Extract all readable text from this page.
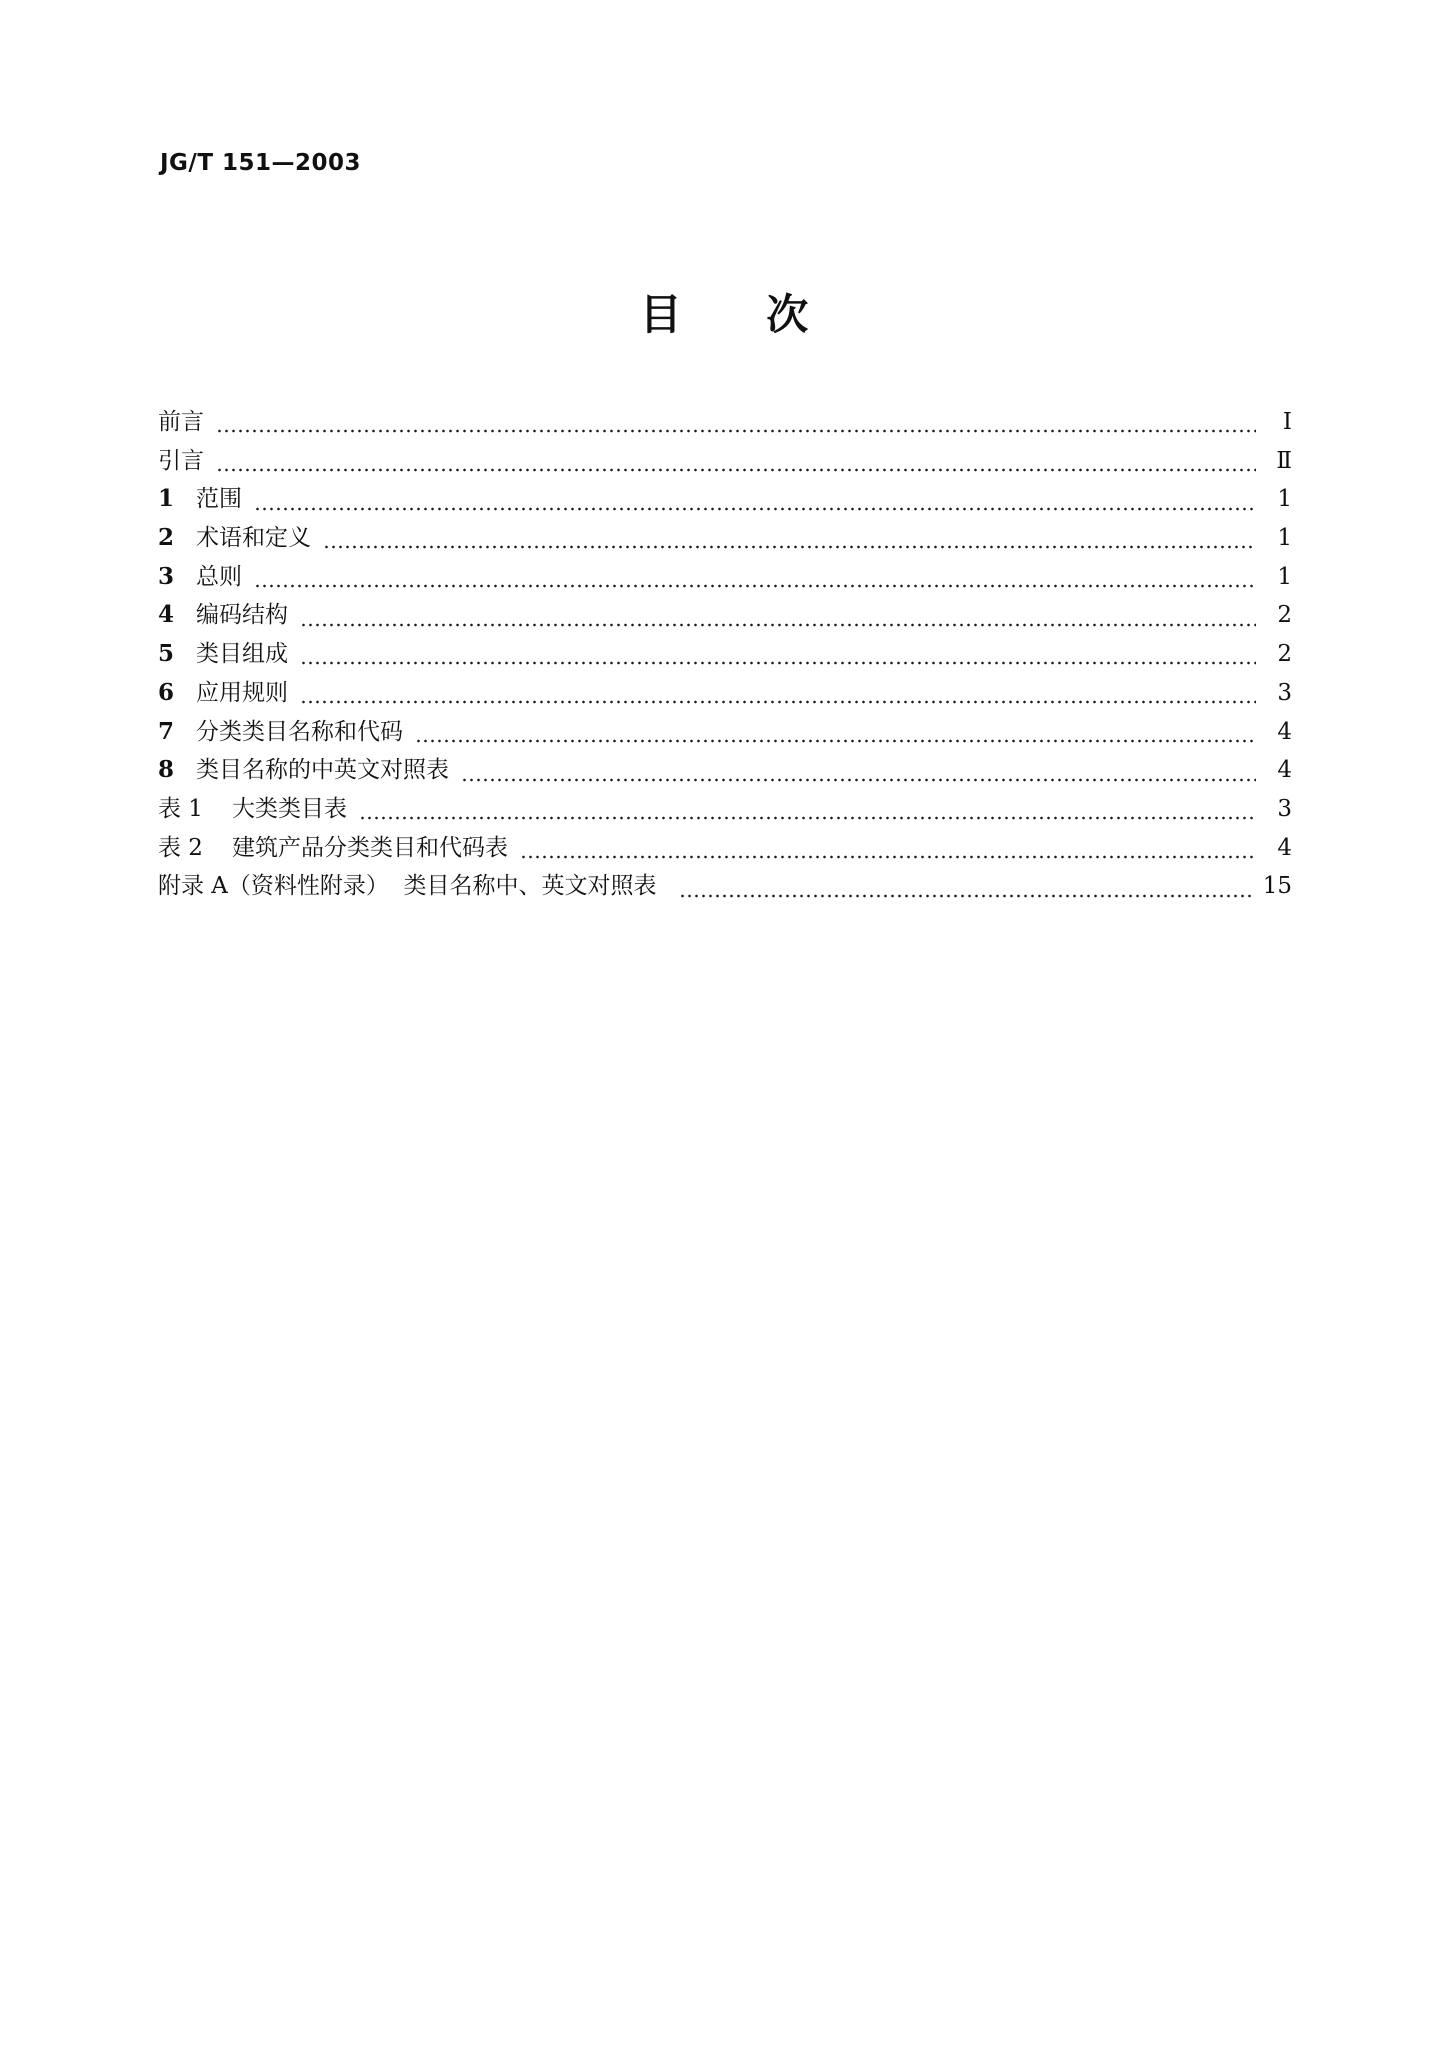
JG/T 151—2003
目 次
前言	Ⅰ
引言	Ⅱ
1 范围	1
2 术语和定义	1
3 总则	1
4 编码结构	2
5 类目组成	2
6 应用规则	3
7 分类类目名称和代码	4
8 类目名称的中英文对照表	4
表 1	大类类目表	3
表 2	建筑产品分类类目和代码表	4
附录 A（资料性附录）  类目名称中、英文对照表	15
